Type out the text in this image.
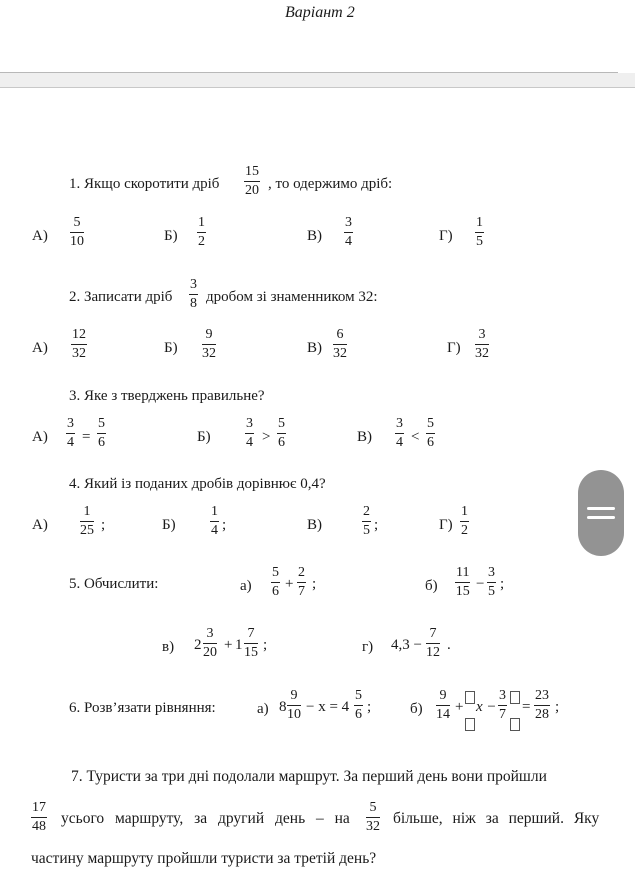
Варіант 2
1. Якщо скоротити дріб $\frac{15}{20}$ , то одержимо дріб:
$А) \frac{5}{10}$	$Б) \frac{1}{2}$	$В) \frac{3}{4}$	$Г) \frac{1}{5}$
2. Записати дріб $\frac{3}{8}$ дробом зі знаменником 32:
$А) \frac{12}{32}$	$Б) \frac{9}{32}$	$В) \frac{6}{32}$	$Г) \frac{3}{32}$
3. Яке з тверджень правильне?
$А) \frac{3}{4} = \frac{5}{6}$	$Б) \frac{3}{4} > \frac{5}{6}$	$В) \frac{3}{4} < \frac{5}{6}$
4. Який із поданих дробів дорівнює 0,4?
$А) \frac{1}{25}$ ;	$Б) \frac{1}{4}$ ;	В)	$\frac{2}{5}$ ;	$Г) \frac{1}{2}$
5. Обчислити:	$а) \frac{5}{6} + \frac{2}{7}$ ;	$б) \frac{11}{15} - \frac{3}{5}$ ;
в) $2 \frac{3}{20} + 1 \frac{7}{15}$ ;	г) $4,3 - \frac{7}{12}$ .
6. Розв’язати рівняння:	а) $8 \frac{9}{10} - x = 4 \frac{5}{6}$ ;	$б) \frac{9}{14} + x - \frac{3}{7} = \frac{23}{28}$ ;
7. Туристи за три дні подолали маршрут. За перший день вони пройшли
$\frac{17}{48}$ усього маршруту, за другий день – на $\frac{5}{32}$ більше, ніж за перший. Яку
частину маршруту пройшли туристи за третій день?
